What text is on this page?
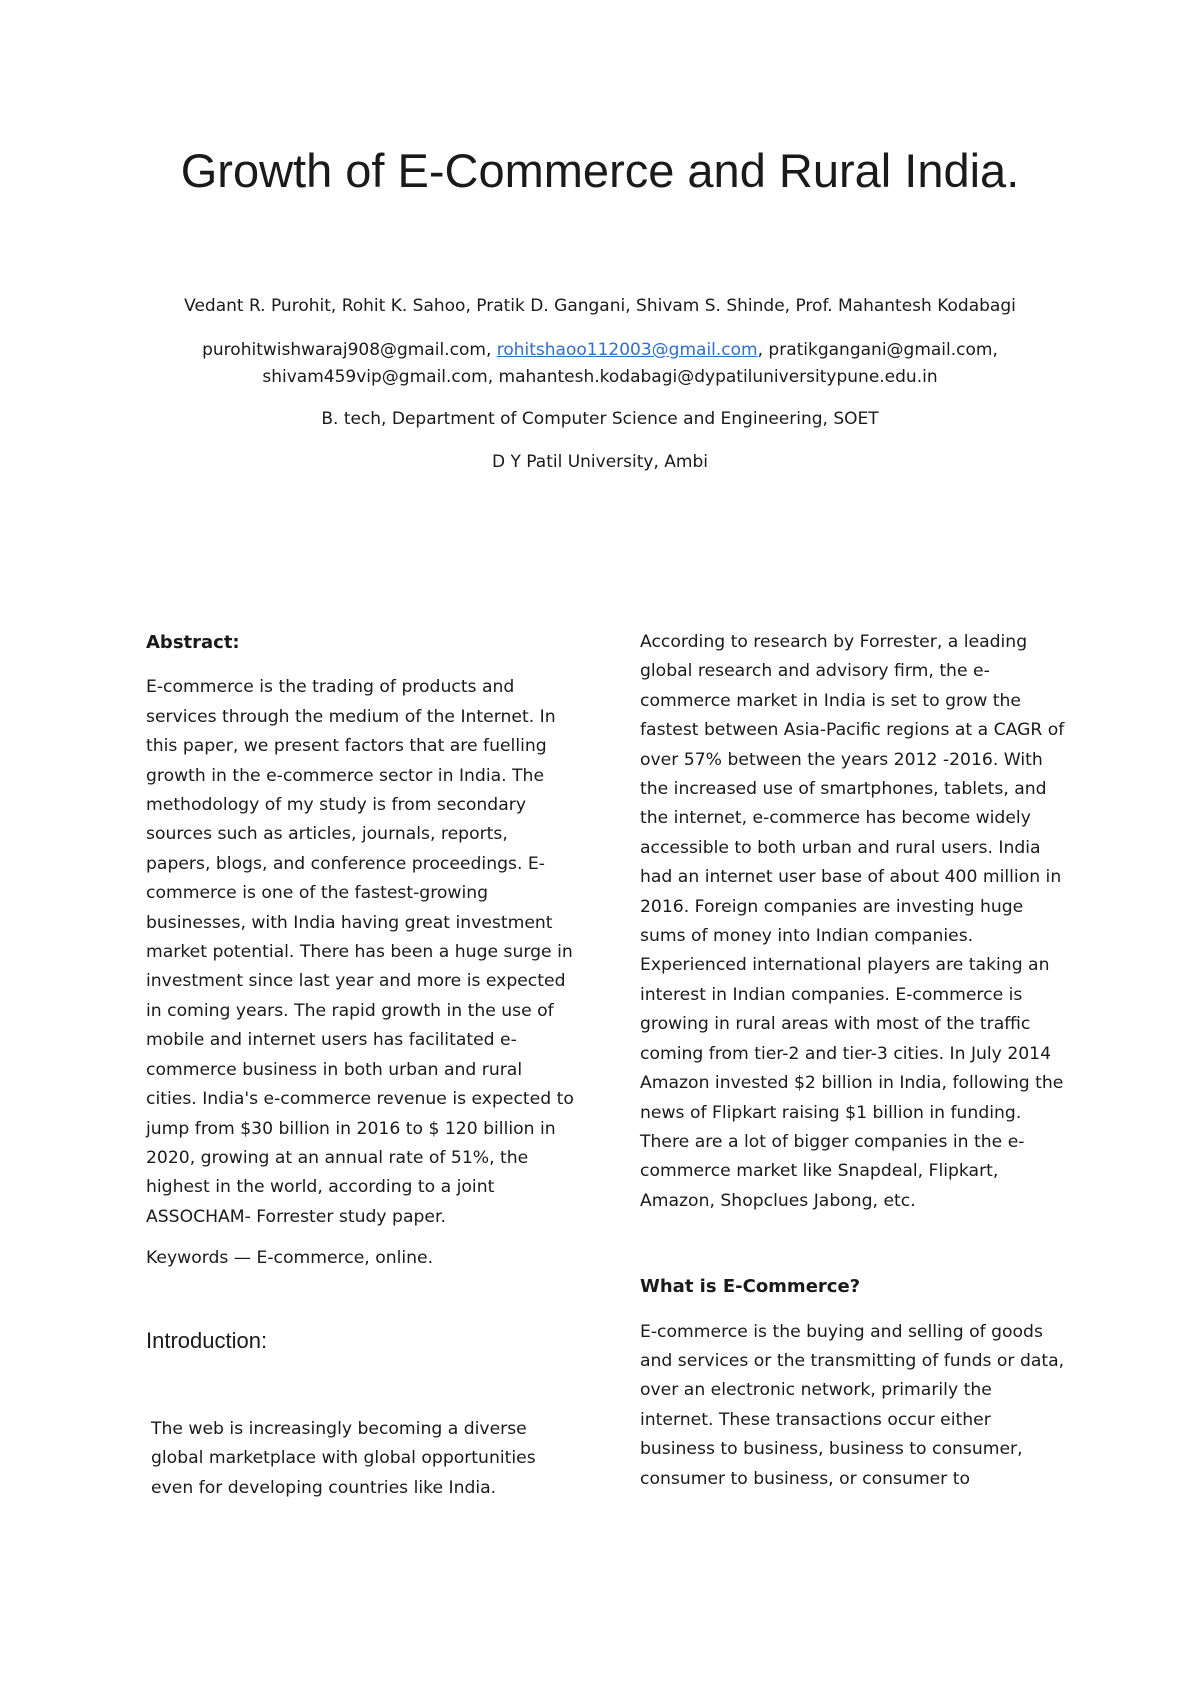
Growth of E-Commerce and Rural India.

Vedant R. Purohit, Rohit K. Sahoo, Pratik D. Gangani, Shivam S. Shinde, Prof. Mahantesh Kodabagi

purohitwishwaraj908@gmail.com, rohitshaoo112003@gmail.com, pratikgangani@gmail.com,
shivam459vip@gmail.com, mahantesh.kodabagi@dypatiluniversitypune.edu.in

B. tech, Department of Computer Science and Engineering, SOET

D Y Patil University, Ambi

Abstract:

E-commerce is the trading of products and services through the medium of the Internet. In this paper, we present factors that are fuelling growth in the e-commerce sector in India. The methodology of my study is from secondary sources such as articles, journals, reports, papers, blogs, and conference proceedings. E-commerce is one of the fastest-growing businesses, with India having great investment market potential. There has been a huge surge in investment since last year and more is expected in coming years. The rapid growth in the use of mobile and internet users has facilitated e-commerce business in both urban and rural cities. India's e-commerce revenue is expected to jump from $30 billion in 2016 to $ 120 billion in 2020, growing at an annual rate of 51%, the highest in the world, according to a joint ASSOCHAM- Forrester study paper.

Keywords — E-commerce, online.

Introduction:

The web is increasingly becoming a diverse global marketplace with global opportunities even for developing countries like India.

According to research by Forrester, a leading global research and advisory firm, the e-commerce market in India is set to grow the fastest between Asia-Pacific regions at a CAGR of over 57% between the years 2012 -2016. With the increased use of smartphones, tablets, and the internet, e-commerce has become widely accessible to both urban and rural users. India had an internet user base of about 400 million in 2016. Foreign companies are investing huge sums of money into Indian companies. Experienced international players are taking an interest in Indian companies. E-commerce is growing in rural areas with most of the traffic coming from tier-2 and tier-3 cities. In July 2014 Amazon invested $2 billion in India, following the news of Flipkart raising $1 billion in funding. There are a lot of bigger companies in the e-commerce market like Snapdeal, Flipkart, Amazon, Shopclues Jabong, etc.

What is E-Commerce?

E-commerce is the buying and selling of goods and services or the transmitting of funds or data, over an electronic network, primarily the internet. These transactions occur either business to business, business to consumer, consumer to business, or consumer to
